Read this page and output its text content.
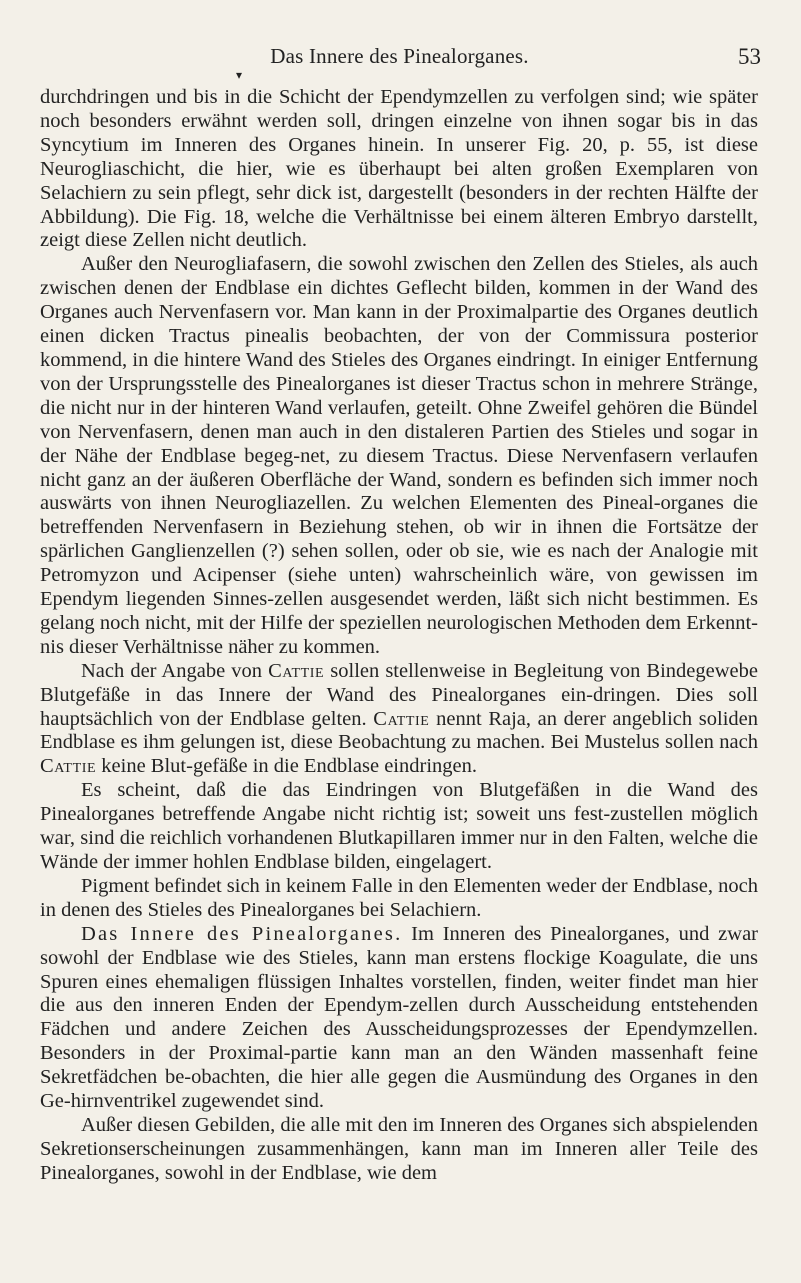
Das Innere des Pinealorganes.	53
▾

durchdringen und bis in die Schicht der Ependymzellen zu verfolgen sind; wie später noch besonders erwähnt werden soll, dringen einzelne von ihnen sogar bis in das Syncytium im Inneren des Organes hinein. In unserer Fig. 20, p. 55, ist diese Neurogliaschicht, die hier, wie es überhaupt bei alten großen Exemplaren von Selachiern zu sein pflegt, sehr dick ist, dargestellt (besonders in der rechten Hälfte der Abbildung). Die Fig. 18, welche die Verhältnisse bei einem älteren Embryo darstellt, zeigt diese Zellen nicht deutlich.

Außer den Neurogliafasern, die sowohl zwischen den Zellen des Stieles, als auch zwischen denen der Endblase ein dichtes Geflecht bilden, kommen in der Wand des Organes auch Nervenfasern vor. Man kann in der Proximalpartie des Organes deutlich einen dicken Tractus pinealis beobachten, der von der Commissura posterior kommend, in die hintere Wand des Stieles des Organes eindringt. In einiger Entfernung von der Ursprungsstelle des Pinealorganes ist dieser Tractus schon in mehrere Stränge, die nicht nur in der hinteren Wand verlaufen, geteilt. Ohne Zweifel gehören die Bündel von Nervenfasern, denen man auch in den distaleren Partien des Stieles und sogar in der Nähe der Endblase begeg-net, zu diesem Tractus. Diese Nervenfasern verlaufen nicht ganz an der äußeren Oberfläche der Wand, sondern es befinden sich immer noch auswärts von ihnen Neurogliazellen. Zu welchen Elementen des Pineal-organes die betreffenden Nervenfasern in Beziehung stehen, ob wir in ihnen die Fortsätze der spärlichen Ganglienzellen (?) sehen sollen, oder ob sie, wie es nach der Analogie mit Petromyzon und Acipenser (siehe unten) wahrscheinlich wäre, von gewissen im Ependym liegenden Sinnes-zellen ausgesendet werden, läßt sich nicht bestimmen. Es gelang noch nicht, mit der Hilfe der speziellen neurologischen Methoden dem Erkennt-nis dieser Verhältnisse näher zu kommen.

Nach der Angabe von Cattie sollen stellenweise in Begleitung von Bindegewebe Blutgefäße in das Innere der Wand des Pinealorganes ein-dringen. Dies soll hauptsächlich von der Endblase gelten. Cattie nennt Raja, an derer angeblich soliden Endblase es ihm gelungen ist, diese Beobachtung zu machen. Bei Mustelus sollen nach Cattie keine Blut-gefäße in die Endblase eindringen.

Es scheint, daß die das Eindringen von Blutgefäßen in die Wand des Pinealorganes betreffende Angabe nicht richtig ist; soweit uns fest-zustellen möglich war, sind die reichlich vorhandenen Blutkapillaren immer nur in den Falten, welche die Wände der immer hohlen Endblase bilden, eingelagert.

Pigment befindet sich in keinem Falle in den Elementen weder der Endblase, noch in denen des Stieles des Pinealorganes bei Selachiern.

Das Innere des Pinealorganes. Im Inneren des Pinealorganes, und zwar sowohl der Endblase wie des Stieles, kann man erstens flockige Koagulate, die uns Spuren eines ehemaligen flüssigen Inhaltes vorstellen, finden, weiter findet man hier die aus den inneren Enden der Ependym-zellen durch Ausscheidung entstehenden Fädchen und andere Zeichen des Ausscheidungsprozesses der Ependymzellen. Besonders in der Proximal-partie kann man an den Wänden massenhaft feine Sekretfädchen be-obachten, die hier alle gegen die Ausmündung des Organes in den Ge-hirnventrikel zugewendet sind.

Außer diesen Gebilden, die alle mit den im Inneren des Organes sich abspielenden Sekretionserscheinungen zusammenhängen, kann man im Inneren aller Teile des Pinealorganes, sowohl in der Endblase, wie dem
